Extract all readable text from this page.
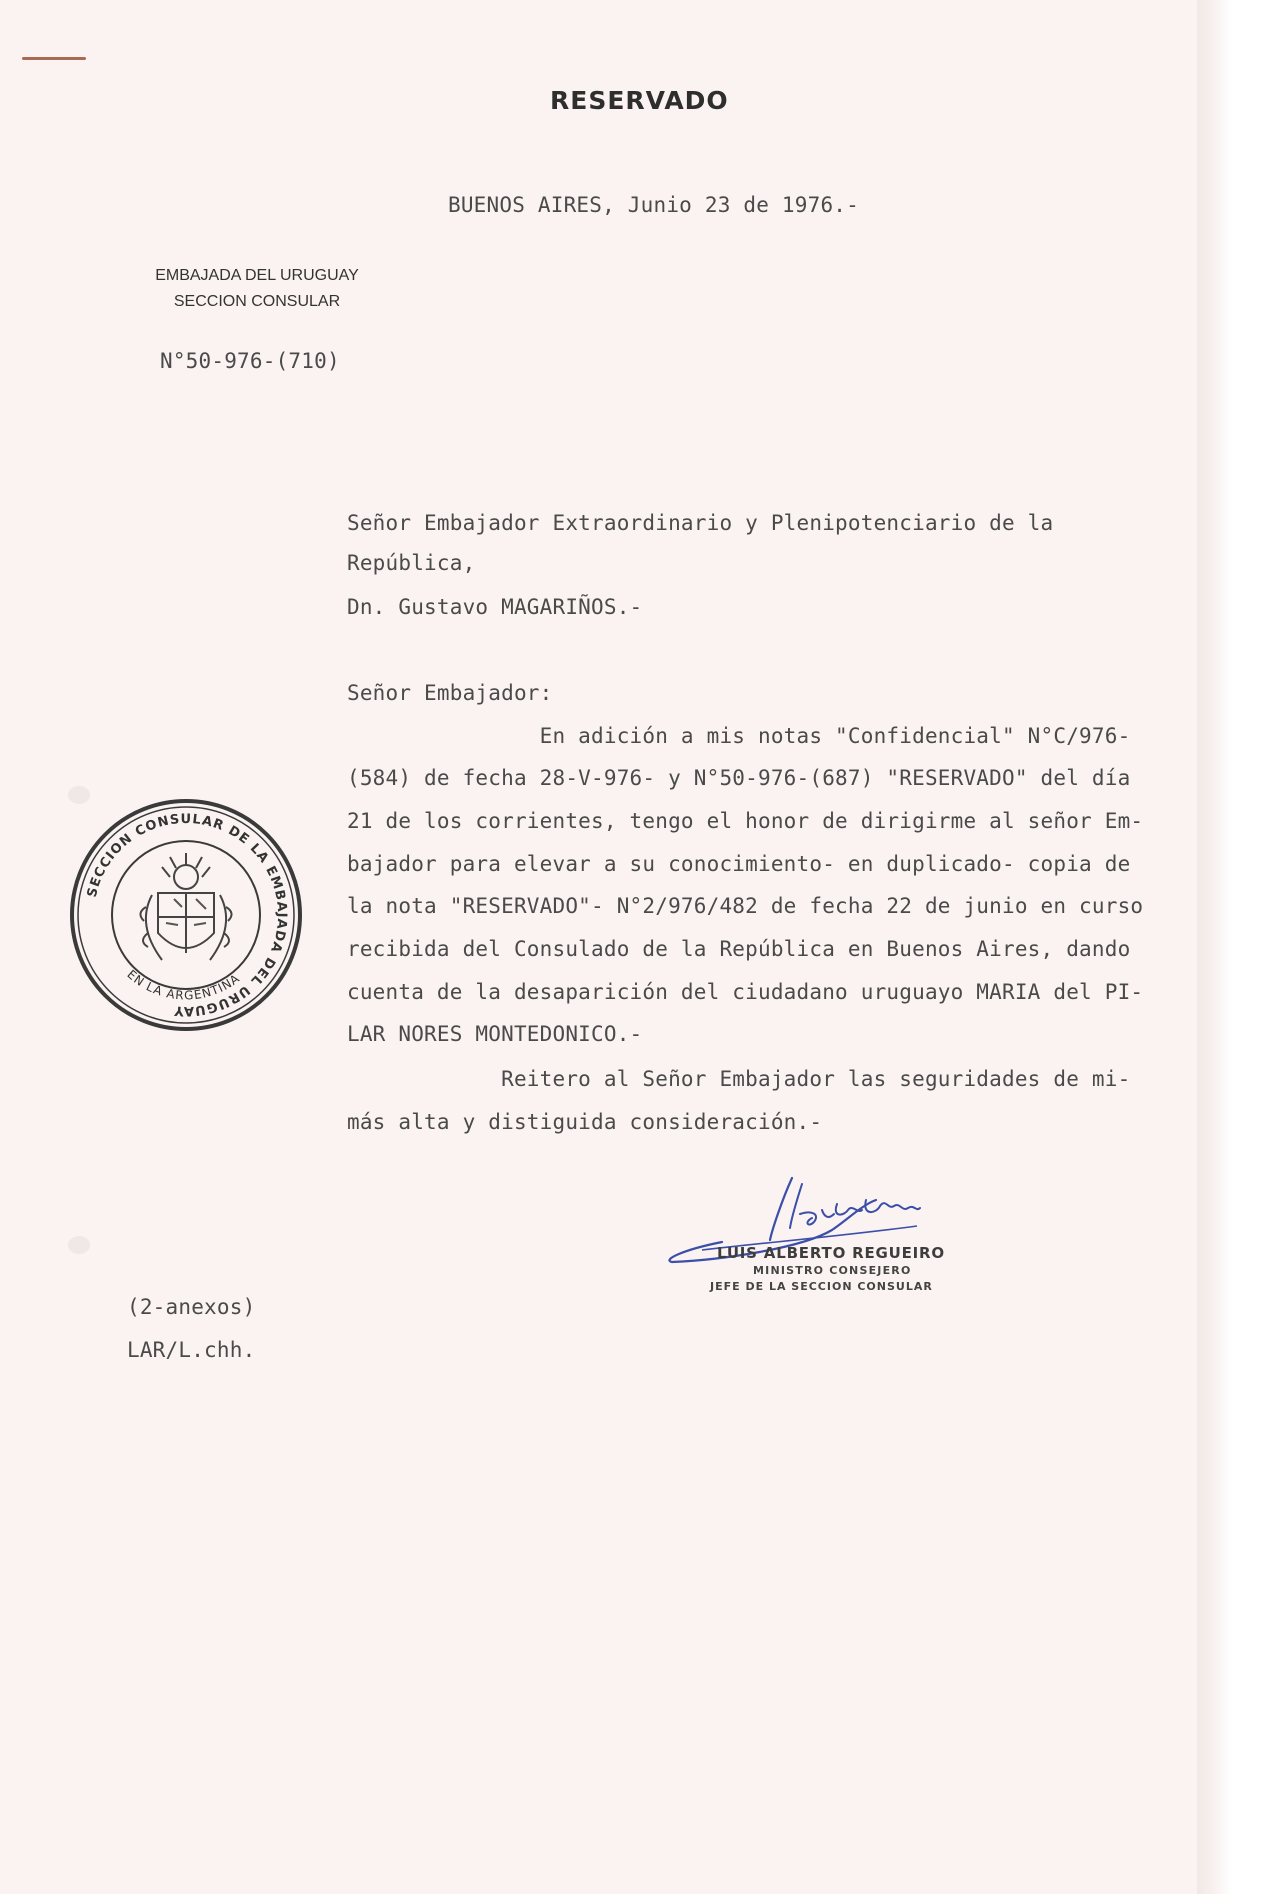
RESERVADO
BUENOS AIRES, Junio 23 de 1976.-
EMBAJADA DEL URUGUAY
SECCION CONSULAR
N°50-976-(710)
Señor Embajador Extraordinario y Plenipotenciario de la
República,
Dn. Gustavo MAGARIÑOS.-
Señor Embajador:
En adición a mis notas "Confidencial" N°C/976-
(584) de fecha 28-V-976- y N°50-976-(687) "RESERVADO" del día
21 de los corrientes, tengo el honor de dirigirme al señor Em-
bajador para elevar a su conocimiento- en duplicado- copia de
la nota "RESERVADO"- N°2/976/482 de fecha 22 de junio en curso
recibida del Consulado de la República en Buenos Aires, dando
cuenta de la desaparición del ciudadano uruguayo MARIA del PI-
LAR NORES MONTEDONICO.-
Reitero al Señor Embajador las seguridades de mi-
más alta y distiguida consideración.-
SECCION CONSULAR DE LA EMBAJADA DEL URUGUAY
EN LA ARGENTINA
LUIS ALBERTO REGUEIRO
MINISTRO CONSEJERO
JEFE DE LA SECCION CONSULAR
(2-anexos)
LAR/L.chh.
